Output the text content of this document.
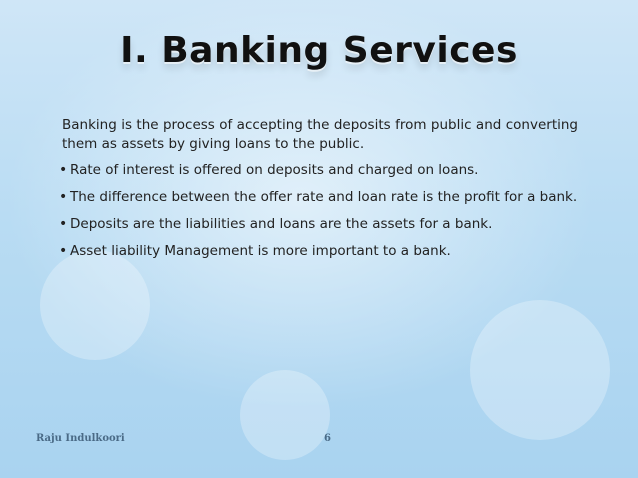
I. Banking Services

Banking is the process of accepting the deposits from public and converting them as assets by giving loans to the public.

• Rate of interest is offered on deposits and charged on loans.
• The difference between the offer rate and loan rate is the profit for a bank.
• Deposits are the liabilities and loans are the assets for a bank.
• Asset liability Management is more important to a bank.
Raju Indulkoori	6
